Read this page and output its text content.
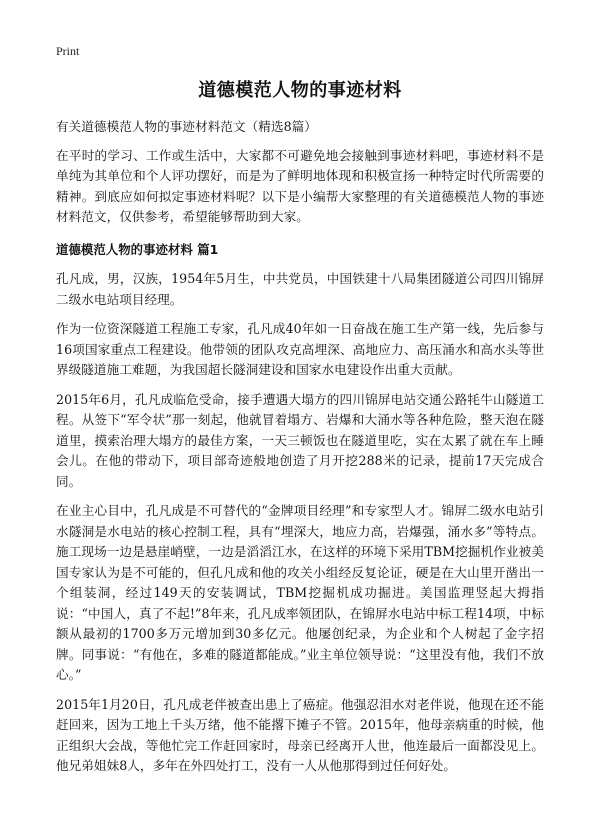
Print
道德模范人物的事迹材料

有关道德模范人物的事迹材料范文（精选8篇）

在平时的学习、工作或生活中，大家都不可避免地会接触到事迹材料吧，事迹材料不是单纯为其单位和个人评功摆好，而是为了鲜明地体现和积极宣扬一种特定时代所需要的精神。到底应如何拟定事迹材料呢？以下是小编帮大家整理的有关道德模范人物的事迹材料范文，仅供参考，希望能够帮助到大家。

道德模范人物的事迹材料 篇1

孔凡成，男，汉族，1954年5月生，中共党员，中国铁建十八局集团隧道公司四川锦屏二级水电站项目经理。

作为一位资深隧道工程施工专家，孔凡成40年如一日奋战在施工生产第一线，先后参与16项国家重点工程建设。他带领的团队攻克高埋深、高地应力、高压涌水和高水头等世界级隧道施工难题，为我国超长隧洞建设和国家水电建设作出重大贡献。

2015年6月，孔凡成临危受命，接手遭遇大塌方的四川锦屏电站交通公路牦牛山隧道工程。从签下“军令状”那一刻起，他就冒着塌方、岩爆和大涌水等各种危险，整天泡在隧道里，摸索治理大塌方的最佳方案，一天三顿饭也在隧道里吃，实在太累了就在车上睡会儿。在他的带动下，项目部奇迹般地创造了月开挖288米的记录，提前17天完成合同。

在业主心目中，孔凡成是不可替代的“金牌项目经理”和专家型人才。锦屏二级水电站引水隧洞是水电站的核心控制工程，具有“埋深大，地应力高，岩爆强，涌水多”等特点。施工现场一边是悬崖峭壁，一边是滔滔江水，在这样的环境下采用TBM挖掘机作业被美国专家认为是不可能的，但孔凡成和他的攻关小组经反复论证，硬是在大山里开凿出一个组装洞，经过149天的安装调试，TBM挖掘机成功掘进。美国监理竖起大拇指说：“中国人，真了不起!”8年来，孔凡成率领团队，在锦屏水电站中标工程14项，中标额从最初的1700多万元增加到30多亿元。他屡创纪录，为企业和个人树起了金字招牌。同事说：“有他在，多难的隧道都能成。”业主单位领导说：“这里没有他，我们不放心。”

2015年1月20日，孔凡成老伴被查出患上了癌症。他强忍泪水对老伴说，他现在还不能赶回来，因为工地上千头万绪，他不能撂下摊子不管。2015年，他母亲病重的时候，他正组织大会战，等他忙完工作赶回家时，母亲已经离开人世，他连最后一面都没见上。他兄弟姐妹8人，多年在外四处打工，没有一人从他那得到过任何好处。
